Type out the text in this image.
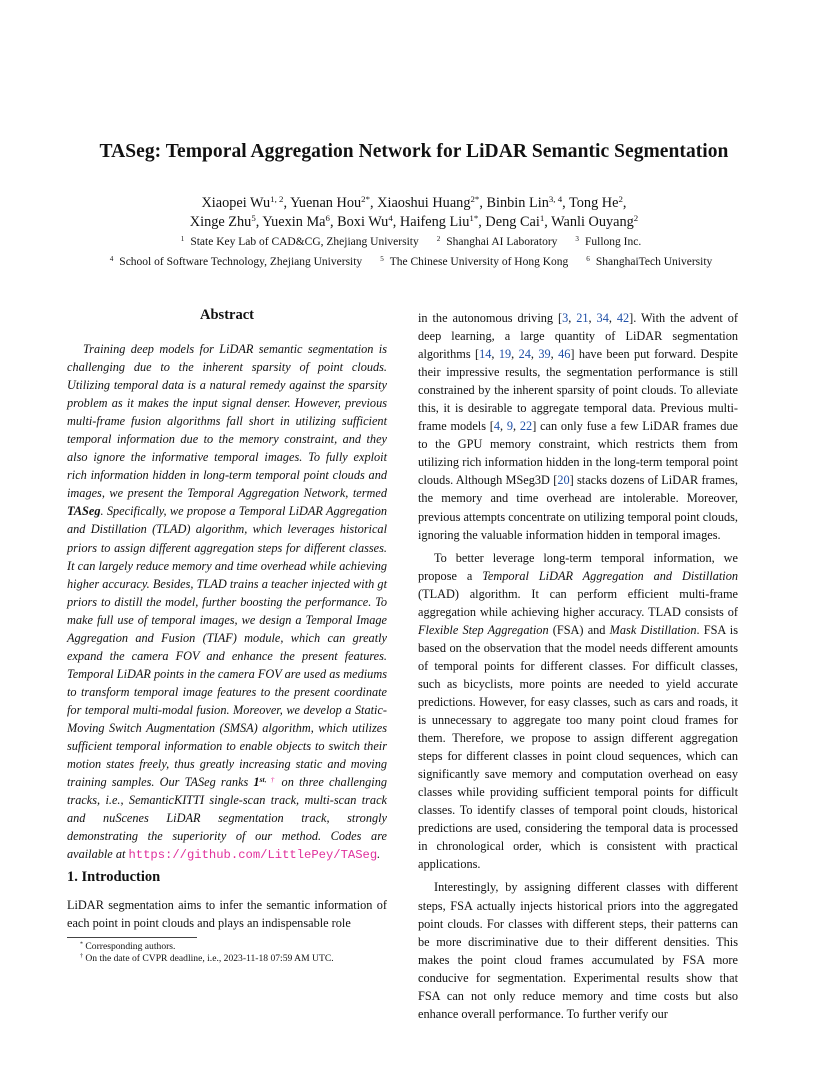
TASeg: Temporal Aggregation Network for LiDAR Semantic Segmentation
Xiaopei Wu$^{1, 2}$, Yuenan Hou$^{2*}$, Xiaoshui Huang$^{2*}$, Binbin Lin$^{3, 4}$, Tong He$^2$,
Xinge Zhu$^5$, Yuexin Ma$^6$, Boxi Wu$^4$, Haifeng Liu$^{1*}$, Deng Cai$^1$, Wanli Ouyang$^2$
$^1$ State Key Lab of CAD&CG, Zhejiang University	$^2$ Shanghai AI Laboratory	$^3$ Fullong Inc.
$^4$ School of Software Technology, Zhejiang University	$^5$ The Chinese University of Hong Kong	$^6$ ShanghaiTech University
Abstract

Training deep models for LiDAR semantic segmentation is challenging due to the inherent sparsity of point clouds. Utilizing temporal data is a natural remedy against the sparsity problem as it makes the input signal denser. However, previous multi-frame fusion algorithms fall short in utilizing sufficient temporal information due to the memory constraint, and they also ignore the informative temporal images. To fully exploit rich information hidden in long-term temporal point clouds and images, we present the Temporal Aggregation Network, termed TASeg. Specifically, we propose a Temporal LiDAR Aggregation and Distillation (TLAD) algorithm, which leverages historical priors to assign different aggregation steps for different classes. It can largely reduce memory and time overhead while achieving higher accuracy. Besides, TLAD trains a teacher injected with gt priors to distill the model, further boosting the performance. To make full use of temporal images, we design a Temporal Image Aggregation and Fusion (TIAF) module, which can greatly expand the camera FOV and enhance the present features. Temporal LiDAR points in the camera FOV are used as mediums to transform temporal image features to the present coordinate for temporal multi-modal fusion. Moreover, we develop a Static-Moving Switch Augmentation (SMSA) algorithm, which utilizes sufficient temporal information to enable objects to switch their motion states freely, thus greatly increasing static and moving training samples. Our TASeg ranks $1^{st, \dagger}$ on three challenging tracks, i.e., SemanticKITTI single-scan track, multi-scan track and nuScenes LiDAR segmentation track, strongly demonstrating the superiority of our method. Codes are available at https://github.com/LittlePey/TASeg.

1. Introduction

LiDAR segmentation aims to infer the semantic information of each point in point clouds and plays an indispensable role

* Corresponding authors.
† On the date of CVPR deadline, i.e., 2023-11-18 07:59 AM UTC.

in the autonomous driving [3, 21, 34, 42]. With the advent of deep learning, a large quantity of LiDAR segmentation algorithms [14, 19, 24, 39, 46] have been put forward. Despite their impressive results, the segmentation performance is still constrained by the inherent sparsity of point clouds. To alleviate this, it is desirable to aggregate temporal data. Previous multi-frame models [4, 9, 22] can only fuse a few LiDAR frames due to the GPU memory constraint, which restricts them from utilizing rich information hidden in the long-term temporal point clouds. Although MSeg3D [20] stacks dozens of LiDAR frames, the memory and time overhead are intolerable. Moreover, previous attempts concentrate on utilizing temporal point clouds, ignoring the valuable information hidden in temporal images.

To better leverage long-term temporal information, we propose a Temporal LiDAR Aggregation and Distillation (TLAD) algorithm. It can perform efficient multi-frame aggregation while achieving higher accuracy. TLAD consists of Flexible Step Aggregation (FSA) and Mask Distillation. FSA is based on the observation that the model needs different amounts of temporal points for different classes. For difficult classes, such as bicyclists, more points are needed to yield accurate predictions. However, for easy classes, such as cars and roads, it is unnecessary to aggregate too many point cloud frames for them. Therefore, we propose to assign different aggregation steps for different classes in point cloud sequences, which can significantly save memory and computation overhead on easy classes while providing sufficient temporal points for difficult classes. To identify classes of temporal point clouds, historical predictions are used, considering the temporal data is processed in chronological order, which is consistent with practical applications.

Interestingly, by assigning different classes with different steps, FSA actually injects historical priors into the aggregated point clouds. For classes with different steps, their patterns can be more discriminative due to their different densities. This makes the point cloud frames accumulated by FSA more conducive for segmentation. Experimental results show that FSA can not only reduce memory and time costs but also enhance overall performance. To further verify our
